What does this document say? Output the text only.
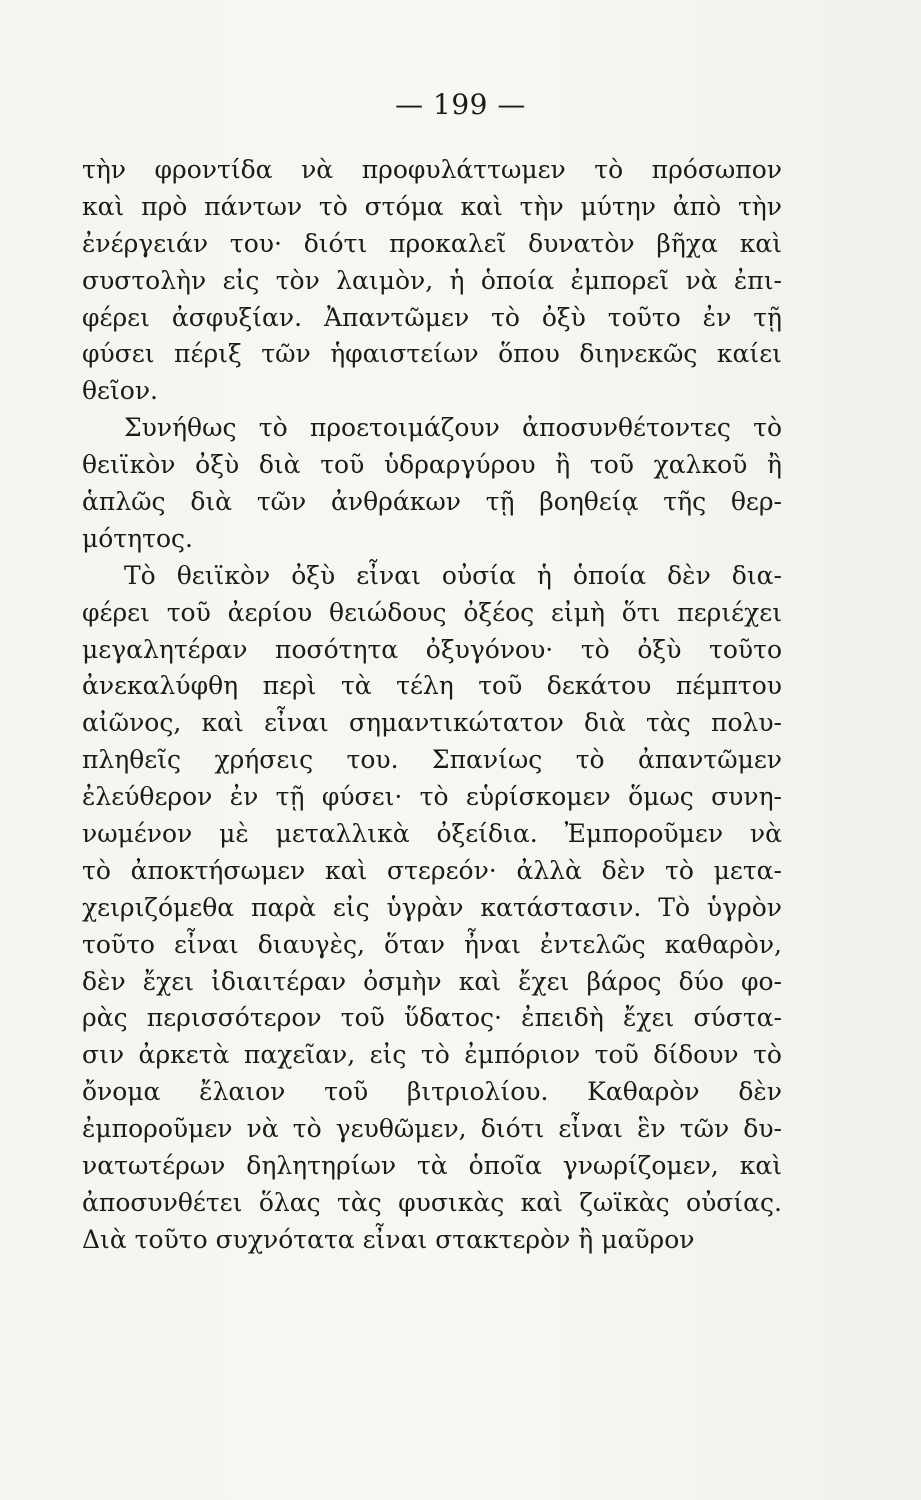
— 199 —
τὴν φροντίδα νὰ προφυλάττωμεν τὸ πρόσωπον
καὶ πρὸ πάντων τὸ στόμα καὶ τὴν μύτην ἀπὸ τὴν
ἐνέργειάν του· διότι προκαλεῖ δυνατὸν βῆχα καὶ
συστολὴν εἰς τὸν λαιμὸν, ἡ ὁποία ἐμπορεῖ νὰ ἐπι-
φέρει ἀσφυξίαν. Ἀπαντῶμεν τὸ ὀξὺ τοῦτο ἐν τῇ
φύσει πέριξ τῶν ἡφαιστείων ὅπου διηνεκῶς καίει
θεῖον.
Συνήθως τὸ προετοιμάζουν ἀποσυνθέτοντες τὸ
θειϊκὸν ὀξὺ διὰ τοῦ ὑδραργύρου ἢ τοῦ χαλκοῦ ἢ
ἁπλῶς διὰ τῶν ἀνθράκων τῇ βοηθείᾳ τῆς θερ-
μότητος.
Τὸ θειϊκὸν ὀξὺ εἶναι οὐσία ἡ ὁποία δὲν δια-
φέρει τοῦ ἀερίου θειώδους ὀξέος εἰμὴ ὅτι περιέχει
μεγαλητέραν ποσότητα ὀξυγόνου· τὸ ὀξὺ τοῦτο
ἀνεκαλύφθη περὶ τὰ τέλη τοῦ δεκάτου πέμπτου
αἰῶνος, καὶ εἶναι σημαντικώτατον διὰ τὰς πολυ-
πληθεῖς χρήσεις του. Σπανίως τὸ ἀπαντῶμεν
ἐλεύθερον ἐν τῇ φύσει· τὸ εὑρίσκομεν ὅμως συνη-
νωμένον μὲ μεταλλικὰ ὀξείδια. Ἐμποροῦμεν νὰ
τὸ ἀποκτήσωμεν καὶ στερεόν· ἀλλὰ δὲν τὸ μετα-
χειριζόμεθα παρὰ εἰς ὑγρὰν κατάστασιν. Τὸ ὑγρὸν
τοῦτο εἶναι διαυγὲς, ὅταν ἦναι ἐντελῶς καθαρὸν,
δὲν ἔχει ἰδιαιτέραν ὀσμὴν καὶ ἔχει βάρος δύο φο-
ρὰς περισσότερον τοῦ ὕδατος· ἐπειδὴ ἔχει σύστα-
σιν ἀρκετὰ παχεῖαν, εἰς τὸ ἐμπόριον τοῦ δίδουν τὸ
ὄνομα ἔλαιον τοῦ βιτριολίου. Καθαρὸν δὲν
ἐμποροῦμεν νὰ τὸ γευθῶμεν, διότι εἶναι ἓν τῶν δυ-
νατωτέρων δηλητηρίων τὰ ὁποῖα γνωρίζομεν, καὶ
ἀποσυνθέτει ὅλας τὰς φυσικὰς καὶ ζωϊκὰς οὐσίας.
Διὰ τοῦτο συχνότατα εἶναι στακτερὸν ἢ μαῦρον
